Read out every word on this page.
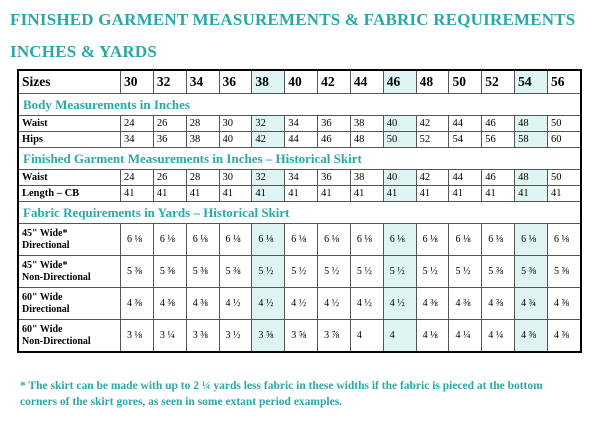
FINISHED GARMENT MEASUREMENTS & FABRIC REQUIREMENTS
INCHES & YARDS
Sizes	30	32	34	36	38	40	42	44	46	48	50	52	54	56
Body Measurements in Inches														
Waist	24	26	28	30	32	34	36	38	40	42	44	46	48	50
Hips	34	36	38	40	42	44	46	48	50	52	54	56	58	60
Finished Garment Measurements in Inches – Historical Skirt														
Waist	24	26	28	30	32	34	36	38	40	42	44	46	48	50
Length – CB	41	41	41	41	41	41	41	41	41	41	41	41	41	41
Fabric Requirements in Yards – Historical Skirt														
45" Wide*
Directional	6 ⅛	6 ⅛	6 ⅛	6 ⅛	6 ⅛	6 ⅛	6 ⅛	6 ⅛	6 ⅛	6 ⅛	6 ⅛	6 ⅛	6 ⅛	6 ⅛
45" Wide*
Non-Directional	5 ⅜	5 ⅜	5 ⅜	5 ⅜	5 ½	5 ½	5 ½	5 ½	5 ½	5 ½	5 ½	5 ⅜	5 ⅜	5 ⅜
60" Wide
Directional	4 ⅜	4 ⅜	4 ⅜	4 ½	4 ½	4 ½	4 ½	4 ½	4 ½	4 ⅜	4 ⅜	4 ⅜	4 ¾	4 ⅜
60" Wide
Non-Directional	3 ⅛	3 ¼	3 ⅜	3 ½	3 ⅝	3 ⅝	3 ⅞	4	4	4 ⅛	4 ¼	4 ¼	4 ⅜	4 ⅜

* The skirt can be made with up to 2 ¼ yards less fabric in these widths if the fabric is pieced at the bottom corners of the skirt gores, as seen in some extant period examples.
